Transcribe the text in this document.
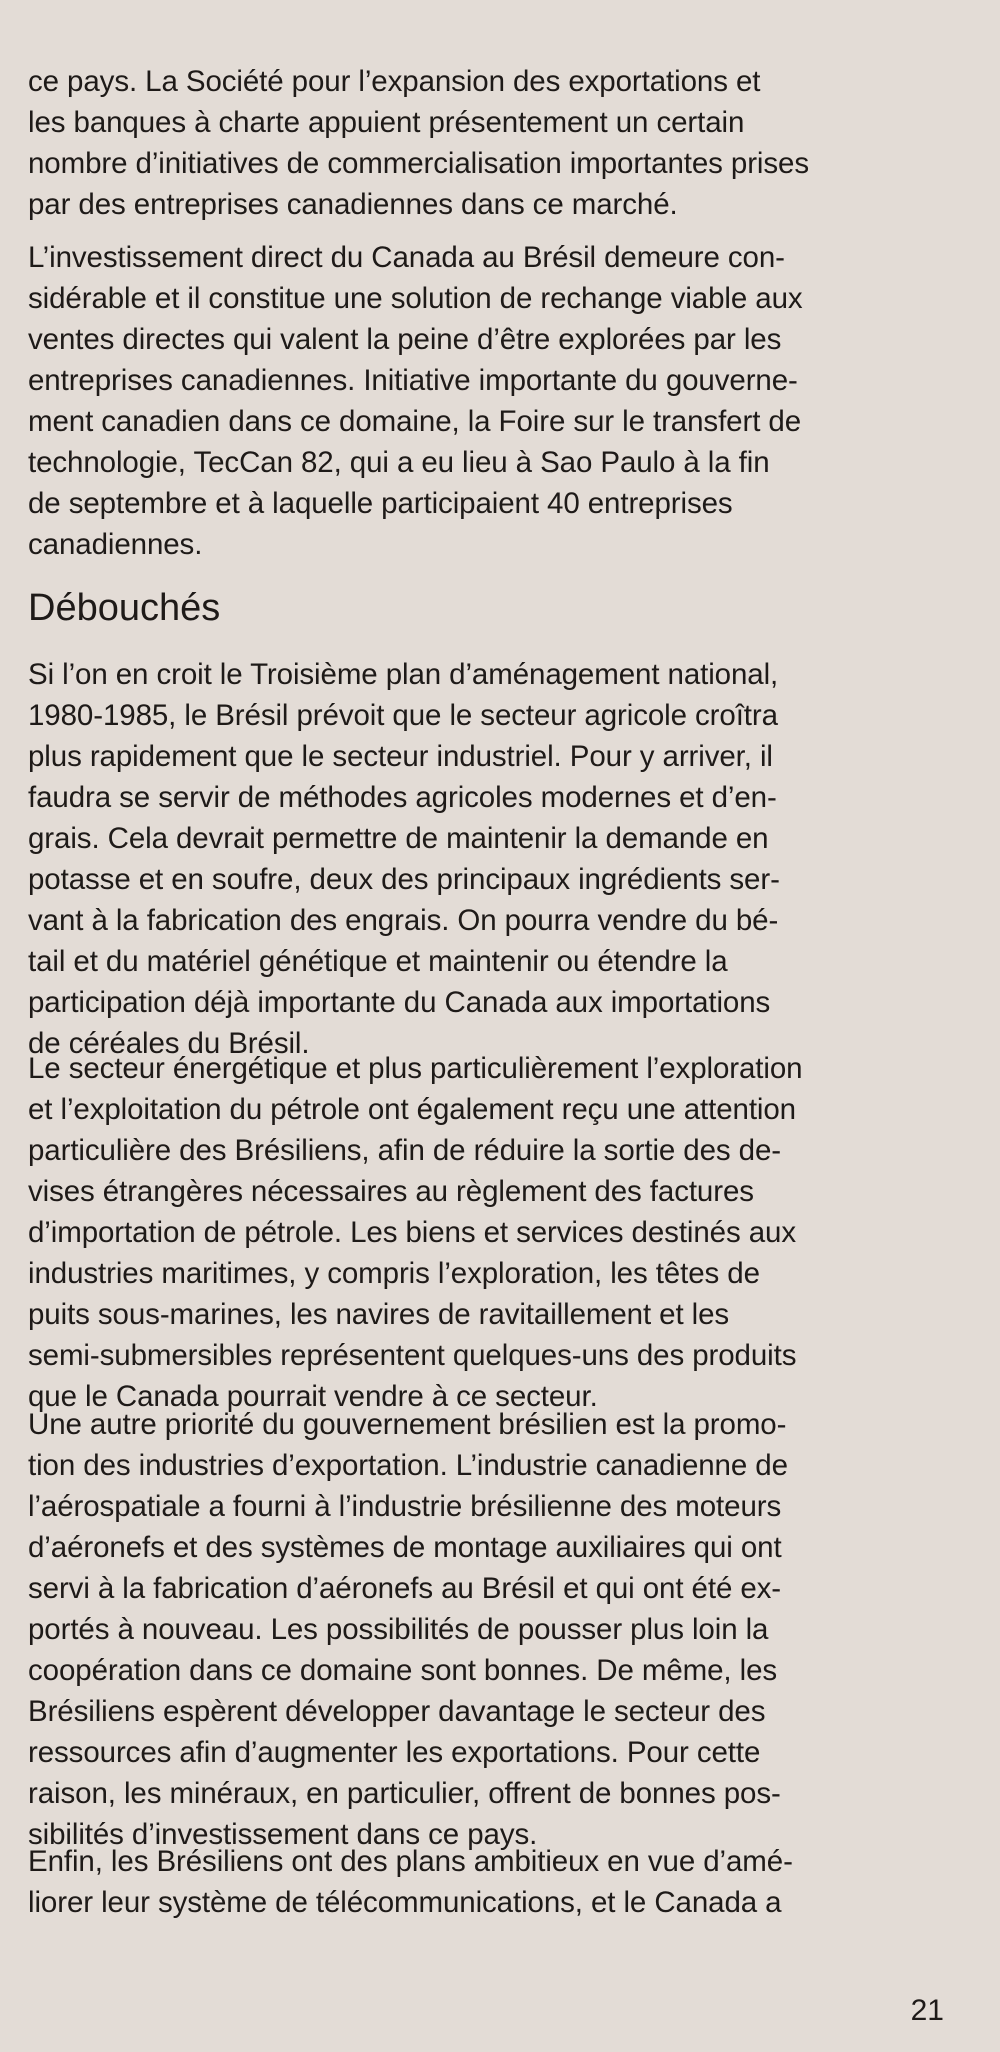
ce pays. La Société pour l’expansion des exportations et
les banques à charte appuient présentement un certain
nombre d’initiatives de commercialisation importantes prises
par des entreprises canadiennes dans ce marché.

L’investissement direct du Canada au Brésil demeure con-
sidérable et il constitue une solution de rechange viable aux
ventes directes qui valent la peine d’être explorées par les
entreprises canadiennes. Initiative importante du gouverne-
ment canadien dans ce domaine, la Foire sur le transfert de
technologie, TecCan 82, qui a eu lieu à Sao Paulo à la fin
de septembre et à laquelle participaient 40 entreprises
canadiennes.

Débouchés

Si l’on en croit le Troisième plan d’aménagement national,
1980-1985, le Brésil prévoit que le secteur agricole croîtra
plus rapidement que le secteur industriel. Pour y arriver, il
faudra se servir de méthodes agricoles modernes et d’en-
grais. Cela devrait permettre de maintenir la demande en
potasse et en soufre, deux des principaux ingrédients ser-
vant à la fabrication des engrais. On pourra vendre du bé-
tail et du matériel génétique et maintenir ou étendre la
participation déjà importante du Canada aux importations
de céréales du Brésil.

Le secteur énergétique et plus particulièrement l’exploration
et l’exploitation du pétrole ont également reçu une attention
particulière des Brésiliens, afin de réduire la sortie des de-
vises étrangères nécessaires au règlement des factures
d’importation de pétrole. Les biens et services destinés aux
industries maritimes, y compris l’exploration, les têtes de
puits sous-marines, les navires de ravitaillement et les
semi-submersibles représentent quelques-uns des produits
que le Canada pourrait vendre à ce secteur.

Une autre priorité du gouvernement brésilien est la promo-
tion des industries d’exportation. L’industrie canadienne de
l’aérospatiale a fourni à l’industrie brésilienne des moteurs
d’aéronefs et des systèmes de montage auxiliaires qui ont
servi à la fabrication d’aéronefs au Brésil et qui ont été ex-
portés à nouveau. Les possibilités de pousser plus loin la
coopération dans ce domaine sont bonnes. De même, les
Brésiliens espèrent développer davantage le secteur des
ressources afin d’augmenter les exportations. Pour cette
raison, les minéraux, en particulier, offrent de bonnes pos-
sibilités d’investissement dans ce pays.

Enfin, les Brésiliens ont des plans ambitieux en vue d’amé-
liorer leur système de télécommunications, et le Canada a

21
